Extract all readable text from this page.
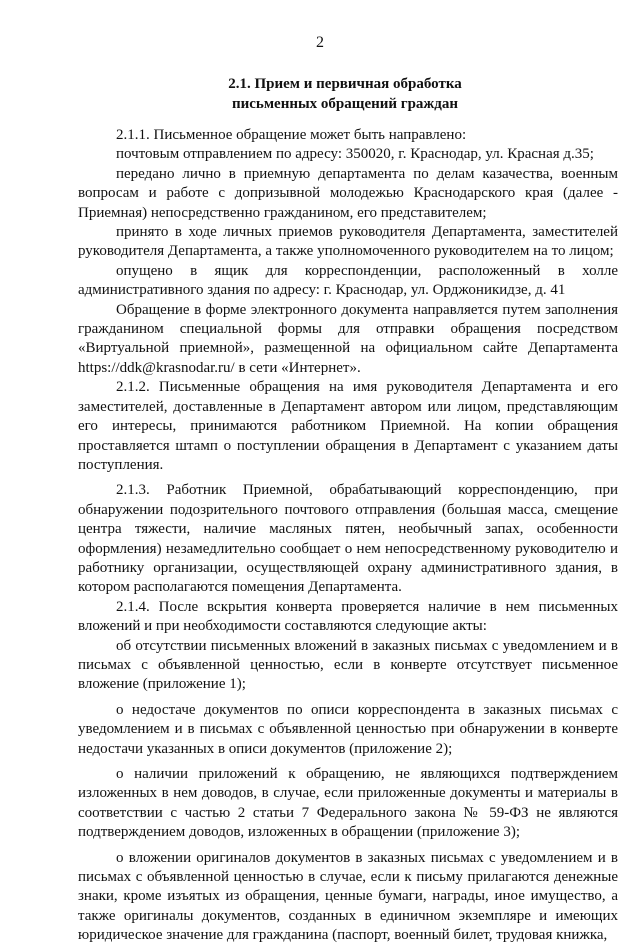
2
2.1. Прием и первичная обработка
письменных обращений граждан

2.1.1. Письменное обращение может быть направлено:

почтовым отправлением по адресу: 350020, г. Краснодар, ул. Красная д.35;

передано лично в приемную департамента по делам казачества, военным вопросам и работе с допризывной молодежью Краснодарского края (далее - Приемная) непосредственно гражданином, его представителем;

принято в ходе личных приемов руководителя Департамента, заместителей руководителя Департамента, а также уполномоченного руководителем на то лицом;

опущено в ящик для корреспонденции, расположенный в холле административного здания по адресу: г. Краснодар, ул. Орджоникидзе, д. 41

Обращение в форме электронного документа направляется путем заполнения гражданином специальной формы для отправки обращения посредством «Виртуальной приемной», размещенной на официальном сайте Департамента https://ddk@krasnodar.ru/ в сети «Интернет».

2.1.2. Письменные обращения на имя руководителя Департамента и его заместителей, доставленные в Департамент автором или лицом, представляющим его интересы, принимаются работником Приемной. На копии обращения проставляется штамп о поступлении обращения в Департамент с указанием даты поступления.

2.1.3. Работник Приемной, обрабатывающий корреспонденцию, при обнаружении подозрительного почтового отправления (большая масса, смещение центра тяжести, наличие масляных пятен, необычный запах, особенности оформления) незамедлительно сообщает о нем непосредственному руководителю и работнику организации, осуществляющей охрану административного здания, в котором располагаются помещения Департамента.

2.1.4. После вскрытия конверта проверяется наличие в нем письменных вложений и при необходимости составляются следующие акты:

об отсутствии письменных вложений в заказных письмах с уведомлением и в письмах с объявленной ценностью, если в конверте отсутствует письменное вложение (приложение 1);

о недостаче документов по описи корреспондента в заказных письмах с уведомлением и в письмах с объявленной ценностью при обнаружении в конверте недостачи указанных в описи документов (приложение 2);

о наличии приложений к обращению, не являющихся подтверждением изложенных в нем доводов, в случае, если приложенные документы и материалы в соответствии с частью 2 статьи 7 Федерального закона № 59-ФЗ не являются подтверждением доводов, изложенных в обращении (приложение 3);

о вложении оригиналов документов в заказных письмах с уведомлением и в письмах с объявленной ценностью в случае, если к письму прилагаются денежные знаки, кроме изъятых из обращения, ценные бумаги, награды, иное имущество, а также оригиналы документов, созданных в единичном экземпляре и имеющих юридическое значение для гражданина (паспорт, военный билет, трудовая книжка,
